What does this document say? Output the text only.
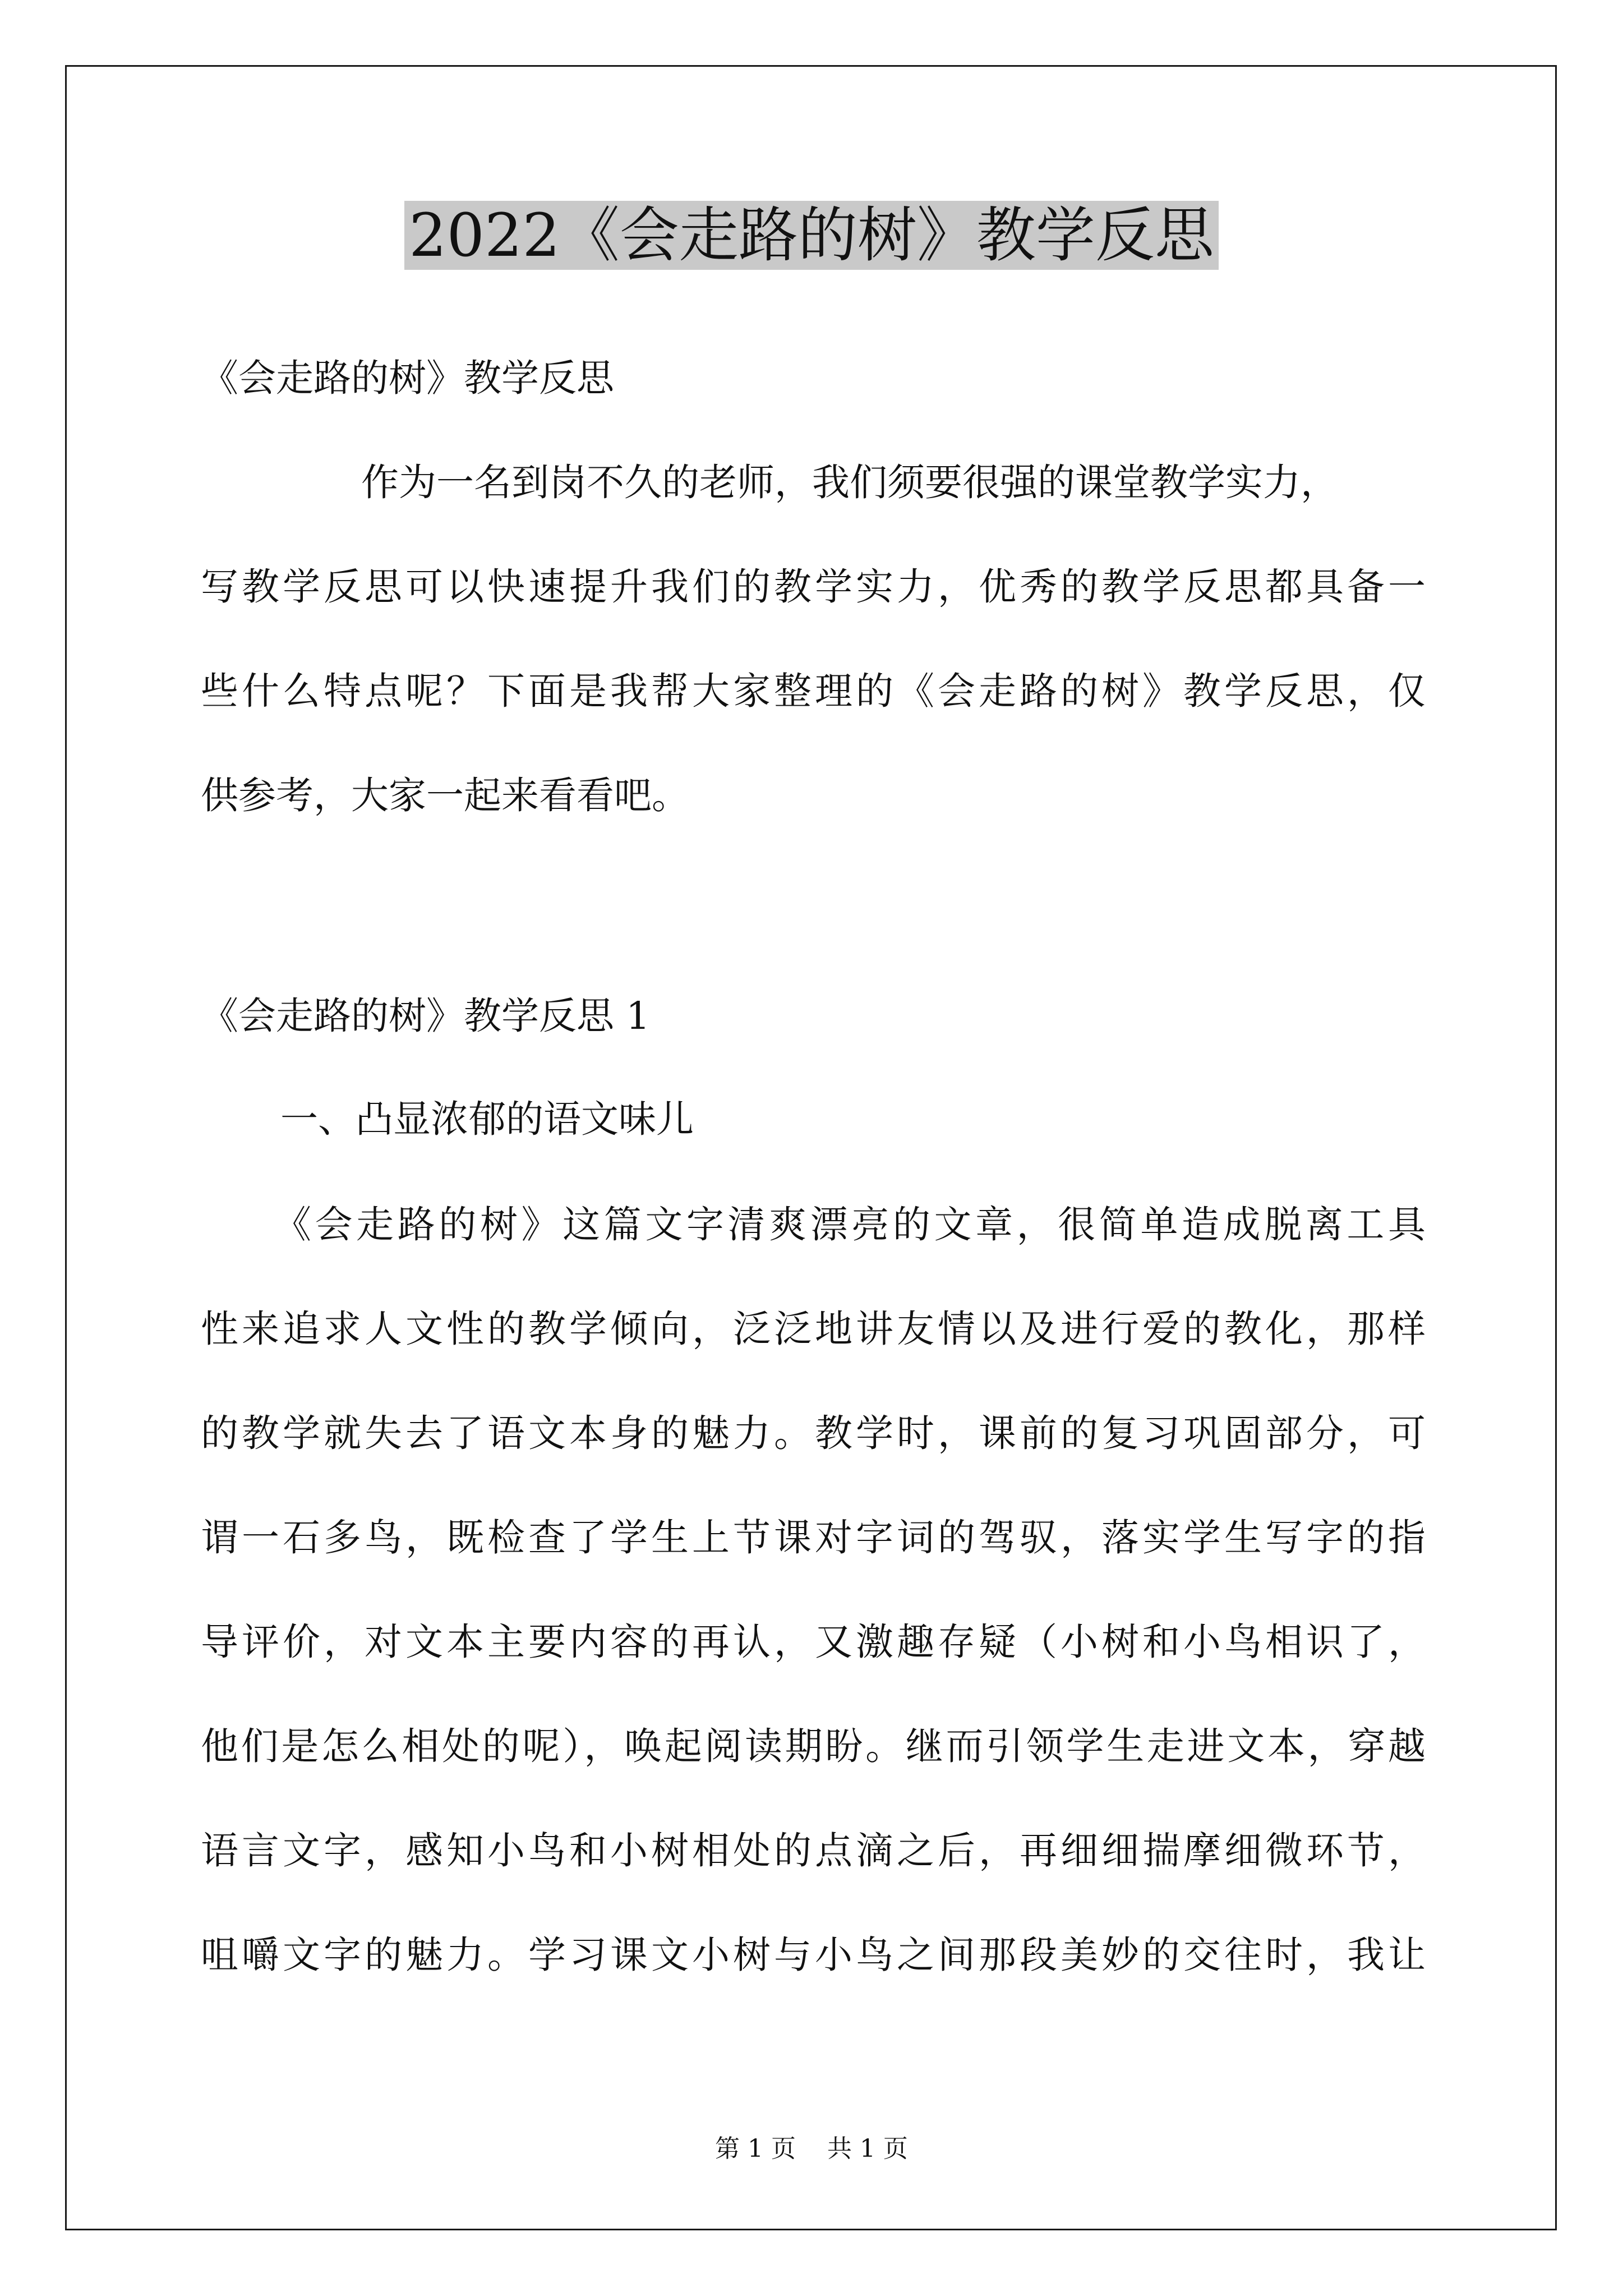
2022《会走路的树》教学反思
《会走路的树》教学反思
作为一名到岗不久的老师，我们须要很强的课堂教学实力，
写教学反思可以快速提升我们的教学实力，优秀的教学反思都具备一
些什么特点呢？下面是我帮大家整理的《会走路的树》教学反思，仅
供参考，大家一起来看看吧。
《会走路的树》教学反思 1
一、凸显浓郁的语文味儿
《会走路的树》这篇文字清爽漂亮的文章，很简单造成脱离工具
性来追求人文性的教学倾向，泛泛地讲友情以及进行爱的教化，那样
的教学就失去了语文本身的魅力。教学时，课前的复习巩固部分，可
谓一石多鸟，既检查了学生上节课对字词的驾驭，落实学生写字的指
导评价，对文本主要内容的再认，又激趣存疑（小树和小鸟相识了，
他们是怎么相处的呢），唤起阅读期盼。继而引领学生走进文本，穿越
语言文字，感知小鸟和小树相处的点滴之后，再细细揣摩细微环节，
咀嚼文字的魅力。学习课文小树与小鸟之间那段美妙的交往时，我让
第 1 页    共 1 页
